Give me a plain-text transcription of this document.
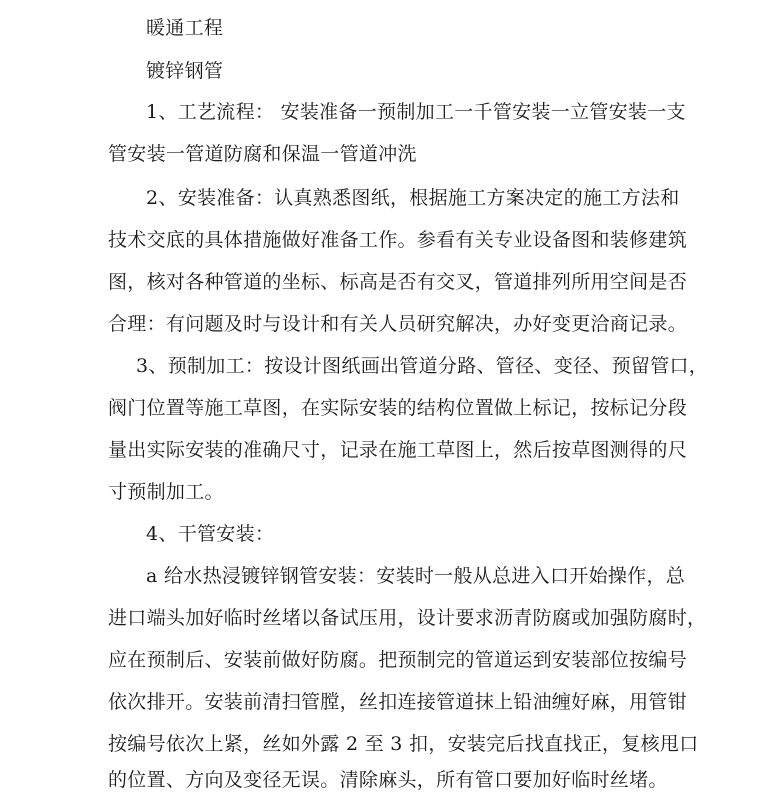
暖通工程
镀锌钢管
1、工艺流程： 安装准备一预制加工一千管安装一立管安装一支
管安装一管道防腐和保温一管道冲洗
2、安装准备：认真熟悉图纸，根据施工方案决定的施工方法和
技术交底的具体措施做好准备工作。参看有关专业设备图和装修建筑
图，核对各种管道的坐标、标高是否有交叉，管道排列所用空间是否
合理：有问题及时与设计和有关人员研究解决，办好变更洽商记录。
3、预制加工：按设计图纸画出管道分路、管径、变径、预留管口，
阀门位置等施工草图，在实际安装的结构位置做上标记，按标记分段
量出实际安装的准确尺寸，记录在施工草图上，然后按草图测得的尺
寸预制加工。
4、干管安装：
a 给水热浸镀锌钢管安装：安装时一般从总进入口开始操作，总
进口端头加好临时丝堵以备试压用，设计要求沥青防腐或加强防腐时，
应在预制后、安装前做好防腐。把预制完的管道运到安装部位按编号
依次排开。安装前清扫管膛，丝扣连接管道抹上铅油缠好麻，用管钳
按编号依次上紧，丝如外露 2 至 3 扣，安装完后找直找正，复核甩口
的位置、方向及变径无误。清除麻头，所有管口要加好临时丝堵。
